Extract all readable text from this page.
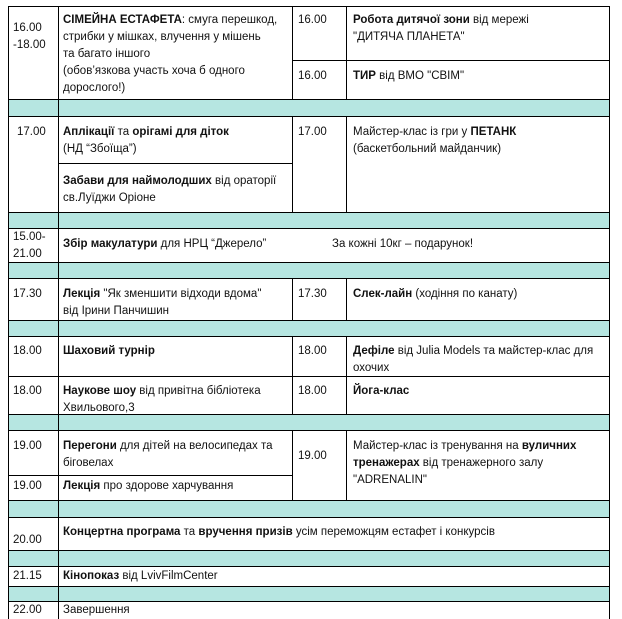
16.00
-18.00
СІМЕЙНА ЕСТАФЕТА: смуга перешкод,
стрибки у мішках, влучення у мішень
та багато іншого
(обов’язкова участь хоча б одного
дорослого!)
16.00 Робота дитячої зони від мережі
"ДИТЯЧА ПЛАНЕТА"
16.00 ТИР від ВМО "СВІМ"
17.00 Аплікації та орігамі для діток
(НД “Збоїща”)
Забави для наймолодших від ораторії
св.Луїджи Оріоне
17.00 Майстер-клас із гри у ПЕТАНК
(баскетбольний майданчик)
15.00-
21.00
Збір макулатури для НРЦ “Джерело”	За кожні 10кг – подарунок!
17.30 Лекція "Як зменшити відходи вдома"
від Ірини Панчишин
17.30 Слек-лайн (ходіння по канату)
18.00 Шаховий турнір
18.00 Наукове шоу від привітна бібліотека
Хвильового,3
18.00 Дефіле від Julia Models та майстер-клас для
охочих
18.00 Йога-клас
19.00 Перегони для дітей на велосипедах та
біговелах
19.00 Лекція про здорове харчування
19.00
Майстер-клас із тренування на вуличних
тренажерах від тренажерного залу
"ADRENALIN"
20.00
Концертна програма та вручення призів усім переможцям естафет і конкурсів
21.15 Кінопоказ від LvivFilmCenter
22.00 Завершення
